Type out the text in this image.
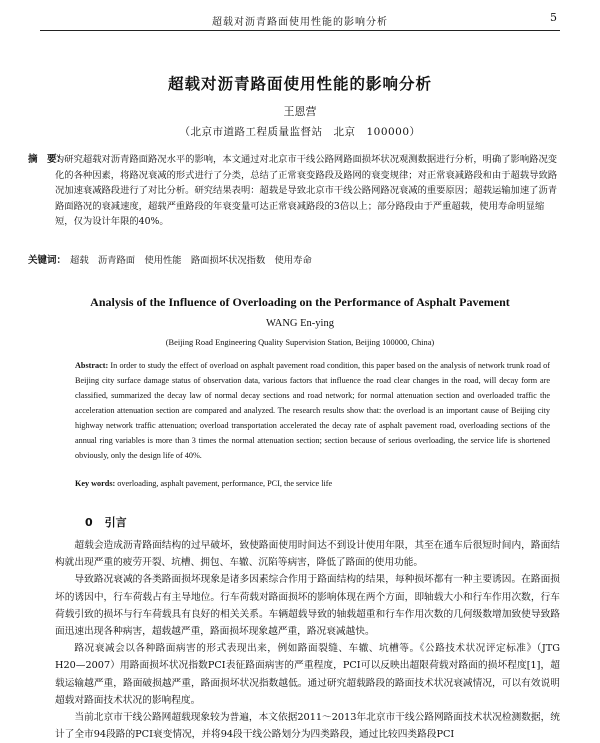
超载对沥青路面使用性能的影响分析	5
超载对沥青路面使用性能的影响分析
王恩营
（北京市道路工程质量监督站　北京　100000）
摘　要：
为研究超载对沥青路面路况水平的影响，本文通过对北京市干线公路网路面损坏状况观测数据进行分析，明确了影响路况变化的各种因素，将路况衰减的形式进行了分类，总结了正常衰变路段及路网的衰变规律；对正常衰减路段和由于超载导致路况加速衰减路段进行了对比分析。研究结果表明：超载是导致北京市干线公路网路况衰减的重要原因；超载运输加速了沥青路面路况的衰减速度，超载严重路段的年衰变量可达正常衰减路段的3倍以上；部分路段由于严重超载，使用寿命明显缩短，仅为设计年限的40%。
关键词： 超载　沥青路面　使用性能　路面损坏状况指数　使用寿命
Analysis of the Influence of Overloading on the Performance of Asphalt Pavement
WANG En-ying
(Beijing Road Engineering Quality Supervision Station, Beijing 100000, China)
Abstract: In order to study the effect of overload on asphalt pavement road condition, this paper based on the analysis of network trunk road of Beijing city surface damage status of observation data, various factors that influence the road clear changes in the road, will decay form are classified, summarized the decay law of normal decay sections and road network; for normal attenuation section and overloaded traffic the acceleration attenuation section are compared and analyzed. The research results show that: the overload is an important cause of Beijing city highway network traffic attenuation; overload transportation accelerated the decay rate of asphalt pavement road, overloading sections of the annual ring variables is more than 3 times the normal attenuation section; section because of serious overloading, the service life is shortened obviously, only the design life of 40%.
Key words: overloading, asphalt pavement, performance, PCI, the service life
0 引言

超载会造成沥青路面结构的过早破坏，致使路面使用时间达不到设计使用年限，其至在通车后很短时间内，路面结构就出现严重的疲劳开裂、坑槽、拥包、车辙、沉陷等病害，降低了路面的使用功能。

导致路况衰减的各类路面损坏现象是诸多因素综合作用于路面结构的结果，每种损坏都有一种主要诱因。在路面损坏的诱因中，行车荷载占有主导地位。行车荷载对路面损坏的影响体现在两个方面，即轴载大小和行车作用次数，行车荷载引致的损坏与行车荷载具有良好的相关关系。车辆超载导致的轴载超重和行车作用次数的几何级数增加致使导致路面迅速出现各种病害，超载越严重，路面损坏现象越严重，路况衰减越快。

路况衰减会以各种路面病害的形式表现出来，例如路面裂缝、车辙、坑槽等。《公路技术状况评定标准》（JTG H20—2007）用路面损坏状况指数PCI表征路面病害的严重程度，PCI可以反映出超限荷载对路面的损坏程度[1]，超载运输越严重，路面破损越严重，路面损坏状况指数越低。通过研究超载路段的路面技术状况衰减情况，可以有效说明超载对路面技术状况的影响程度。

当前北京市干线公路网超载现象较为普遍，本文依据2011～2013年北京市干线公路网路面技术状况检测数据，统计了全市94段路的PCI衰变情况，并将94段干线公路划分为四类路段，通过比较四类路段PCI
